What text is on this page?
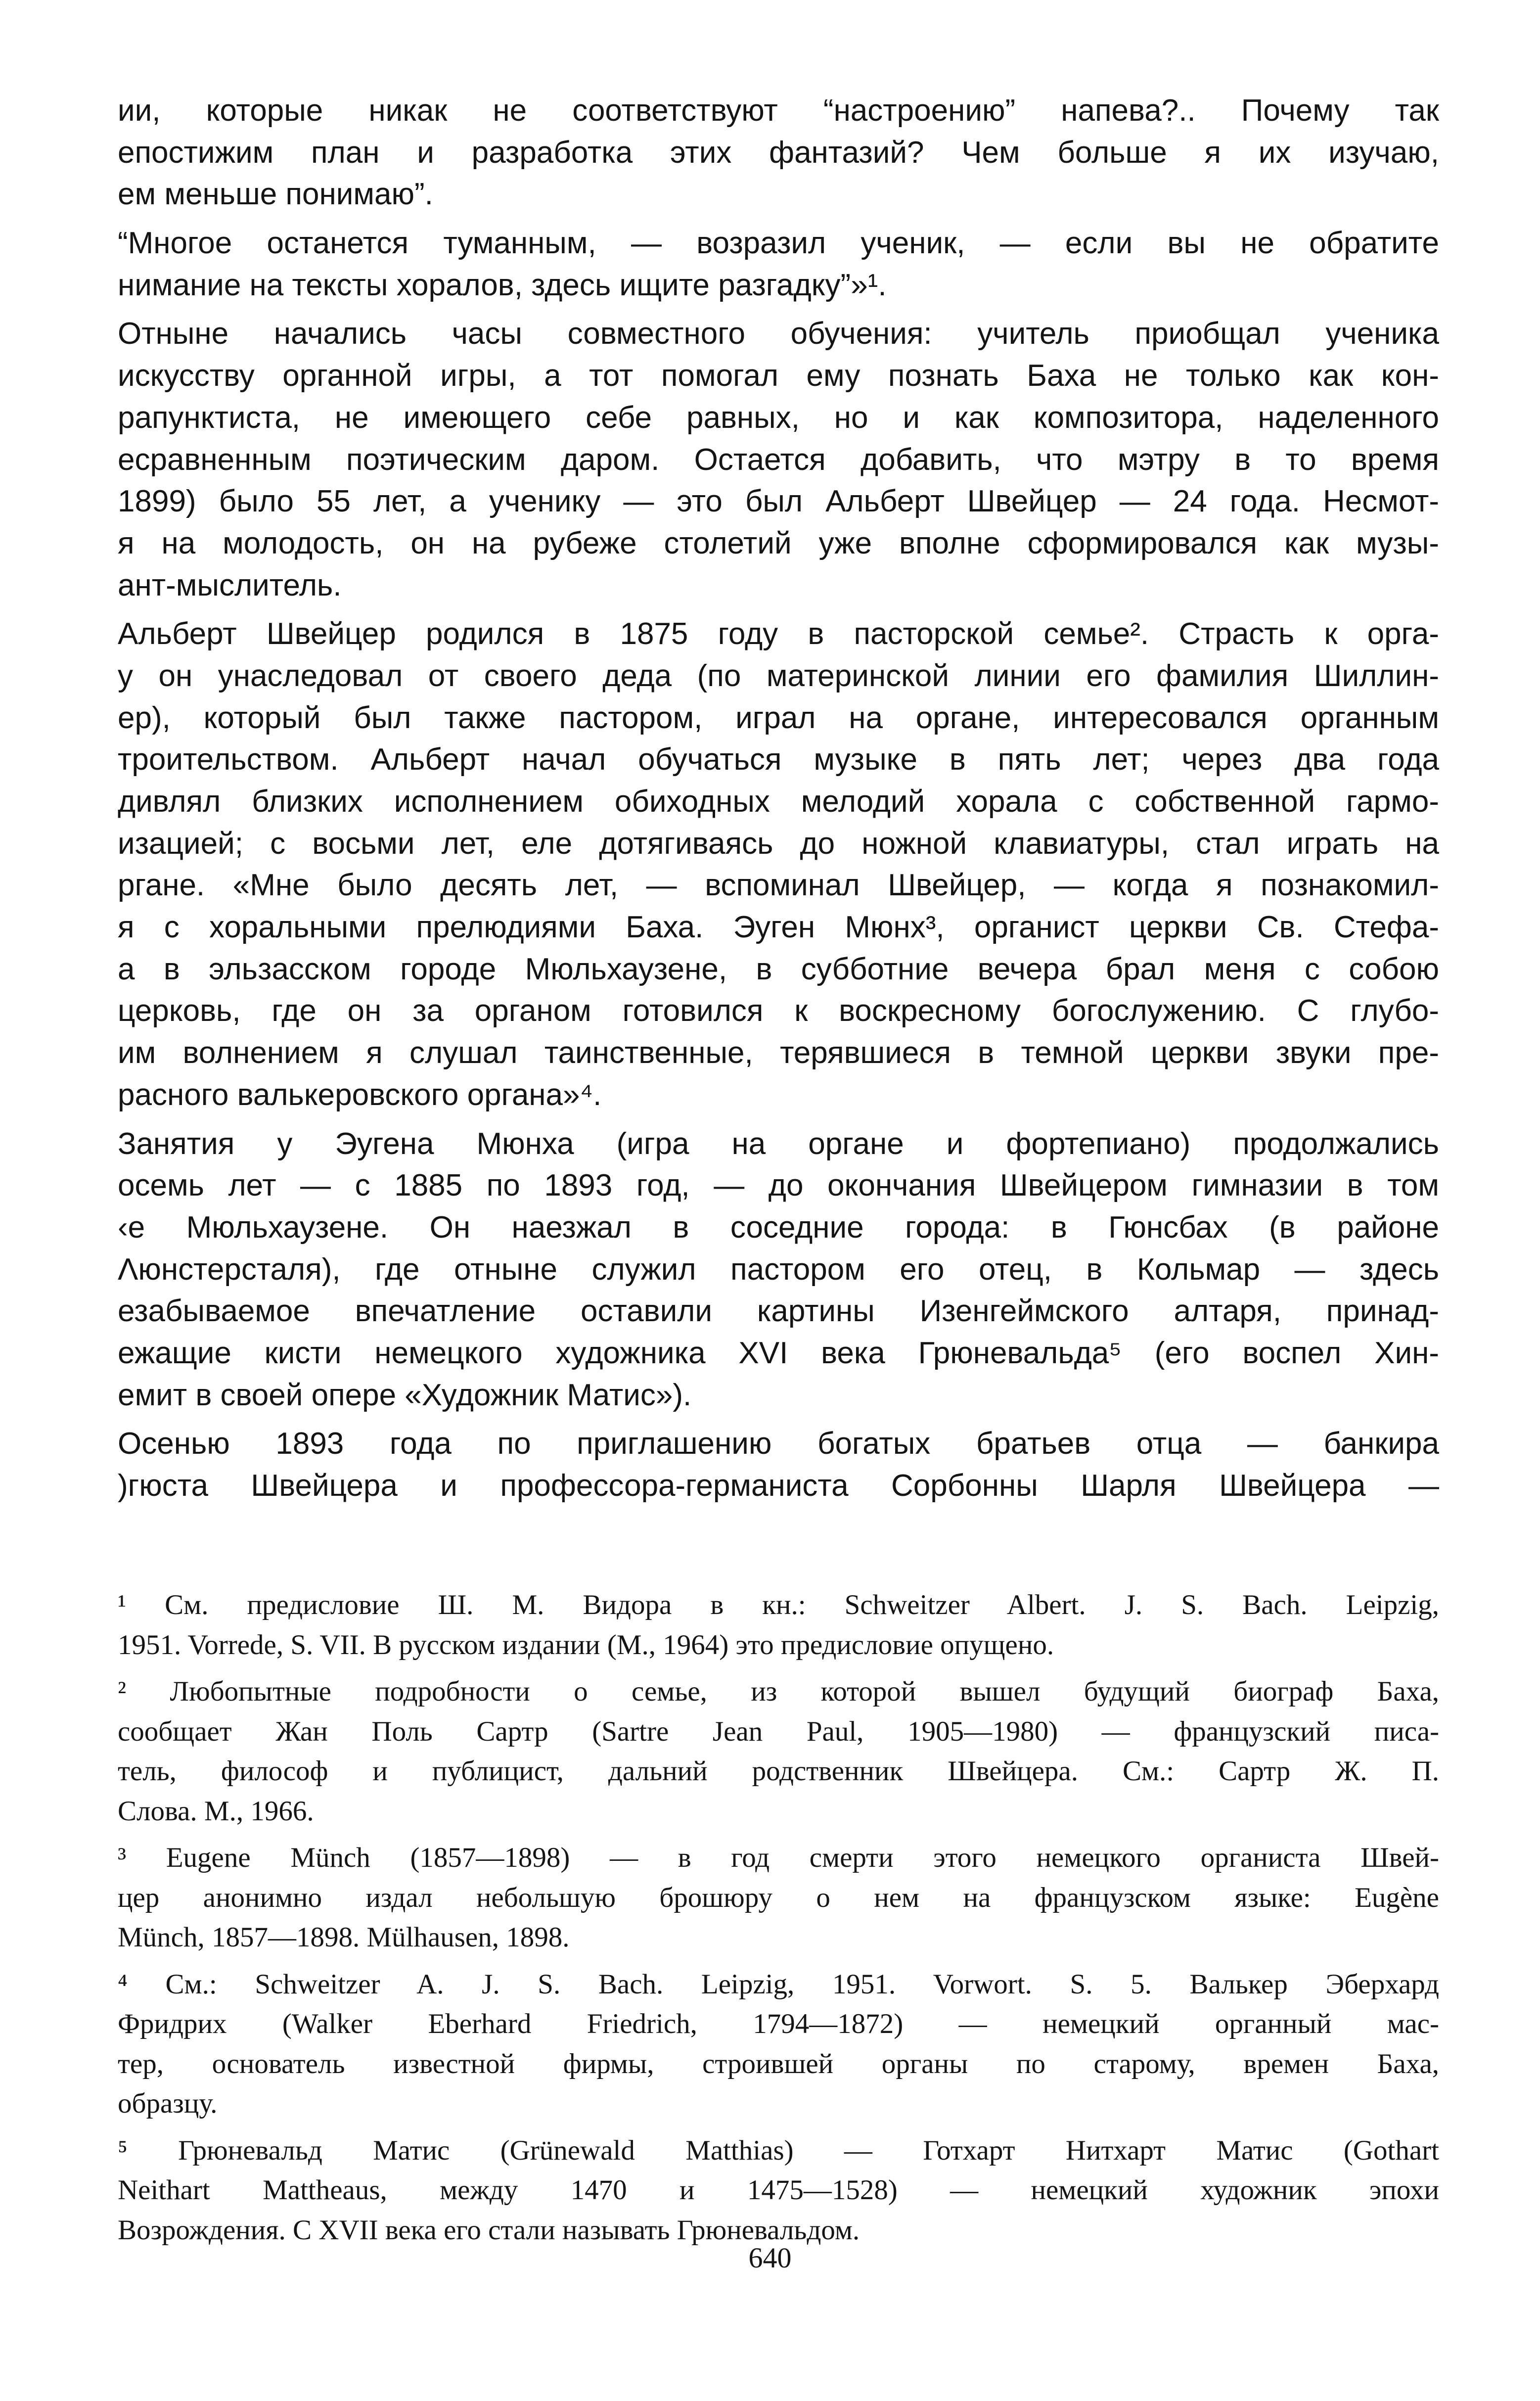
ии, которые никак не соответствуют “настроению” напева?.. Почему так
епостижим план и разработка этих фантазий? Чем больше я их изучаю,
ем меньше понимаю”.
“Многое останется туманным, — возразил ученик, — если вы не обратите
нимание на тексты хоралов, здесь ищите разгадку”»¹.
Отныне начались часы совместного обучения: учитель приобщал ученика
искусству органной игры, а тот помогал ему познать Баха не только как кон-
рапунктиста, не имеющего себе равных, но и как композитора, наделенного
есравненным поэтическим даром. Остается добавить, что мэтру в то время
1899) было 55 лет, а ученику — это был Альберт Швейцер — 24 года. Несмот-
я на молодость, он на рубеже столетий уже вполне сформировался как музы-
ант-мыслитель.
Альберт Швейцер родился в 1875 году в пасторской семье². Страсть к орга-
у он унаследовал от своего деда (по материнской линии его фамилия Шиллин-
ер), который был также пастором, играл на органе, интересовался органным
троительством. Альберт начал обучаться музыке в пять лет; через два года
дивлял близких исполнением обиходных мелодий хорала с собственной гармо-
изацией; с восьми лет, еле дотягиваясь до ножной клавиатуры, стал играть на
ргане. «Мне было десять лет, — вспоминал Швейцер, — когда я познакомил-
я с хоральными прелюдиями Баха. Эуген Мюнх³, органист церкви Св. Стефа-
а в эльзасском городе Мюльхаузене, в субботние вечера брал меня с собою
церковь, где он за органом готовился к воскресному богослужению. С глубо-
им волнением я слушал таинственные, терявшиеся в темной церкви звуки пре-
расного валькеровского органа»⁴.
Занятия у Эугена Мюнха (игра на органе и фортепиано) продолжались
осемь лет — с 1885 по 1893 год, — до окончания Швейцером гимназии в том
‹е Мюльхаузене. Он наезжал в соседние города: в Гюнсбах (в районе
Λюнстерсталя), где отныне служил пастором его отец, в Кольмар — здесь
езабываемое впечатление оставили картины Изенгеймского алтаря, принад-
ежащие кисти немецкого художника XVI века Грюневальда⁵ (его воспел Хин-
емит в своей опере «Художник Матис»).
Осенью 1893 года по приглашению богатых братьев отца — банкира
)гюста Швейцера и профессора-германиста Сорбонны Шарля Швейцера —
¹ См. предисловие Ш. М. Видора в кн.: Schweitzer Albert. J. S. Bach. Leipzig,
1951. Vorrede, S. VII. В русском издании (М., 1964) это предисловие опущено.
² Любопытные подробности о семье, из которой вышел будущий биограф Баха,
сообщает Жан Поль Сартр (Sartre Jean Paul, 1905—1980) — французский писа-
тель, философ и публицист, дальний родственник Швейцера. См.: Сартр Ж. П.
Слова. М., 1966.
³ Eugene Münch (1857—1898) — в год смерти этого немецкого органиста Швей-
цер анонимно издал небольшую брошюру о нем на французском языке: Eugène
Münch, 1857—1898. Mülhausen, 1898.
⁴ См.: Schweitzer A. J. S. Bach. Leipzig, 1951. Vorwort. S. 5. Валькер Эберхард
Фридрих (Walker Eberhard Friedrich, 1794—1872) — немецкий органный мас-
тер, основатель известной фирмы, строившей органы по старому, времен Баха,
образцу.
⁵ Грюневальд Матис (Grünewald Matthias) — Готхарт Нитхарт Матис (Gothart
Neithart Mattheaus, между 1470 и 1475—1528) — немецкий художник эпохи
Возрождения. С XVII века его стали называть Грюневальдом.
640
